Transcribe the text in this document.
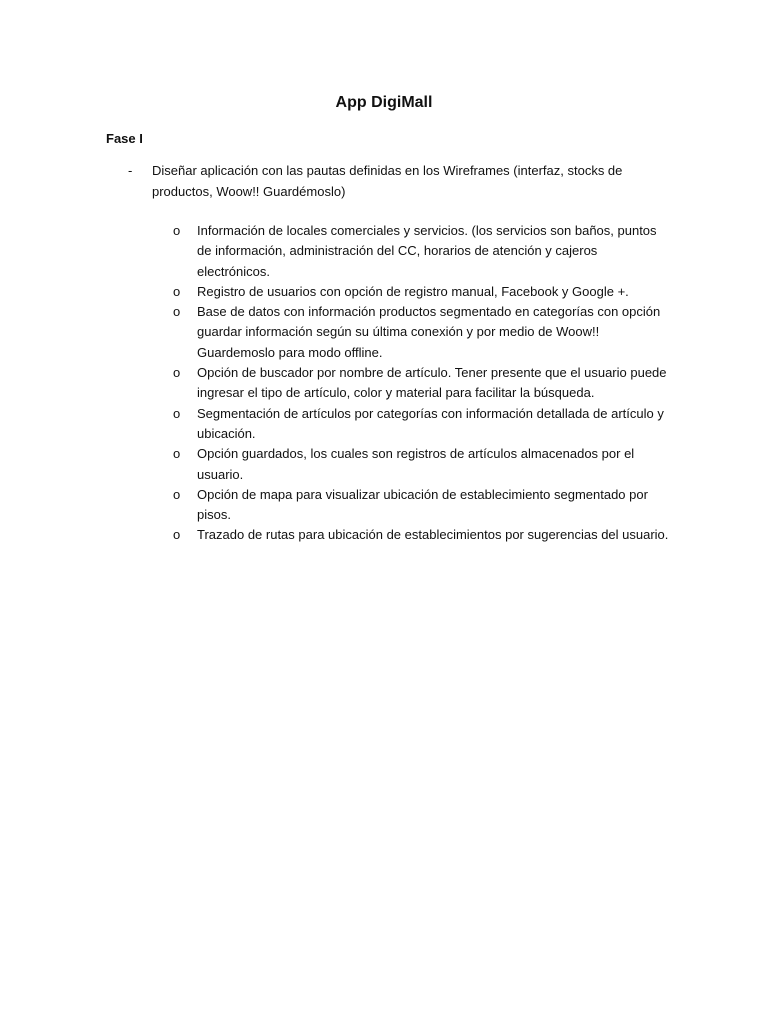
App DigiMall
Fase I
- Diseñar aplicación con las pautas definidas en los Wireframes (interfaz, stocks de productos, Woow!! Guardémoslo)
o Información de locales comerciales y servicios. (los servicios son baños, puntos de información, administración del CC, horarios de atención y cajeros electrónicos.
o Registro de usuarios con opción de registro manual, Facebook y Google +.
o Base de datos con información productos segmentado en categorías con opción guardar información según su última conexión y por medio de Woow!! Guardemoslo para modo offline.
o Opción de buscador por nombre de artículo. Tener presente que el usuario puede ingresar el tipo de artículo, color y material para facilitar la búsqueda.
o Segmentación de artículos por categorías con información detallada de artículo y ubicación.
o Opción guardados, los cuales son registros de artículos almacenados por el usuario.
o Opción de mapa para visualizar ubicación de establecimiento segmentado por pisos.
o Trazado de rutas para ubicación de establecimientos por sugerencias del usuario.
